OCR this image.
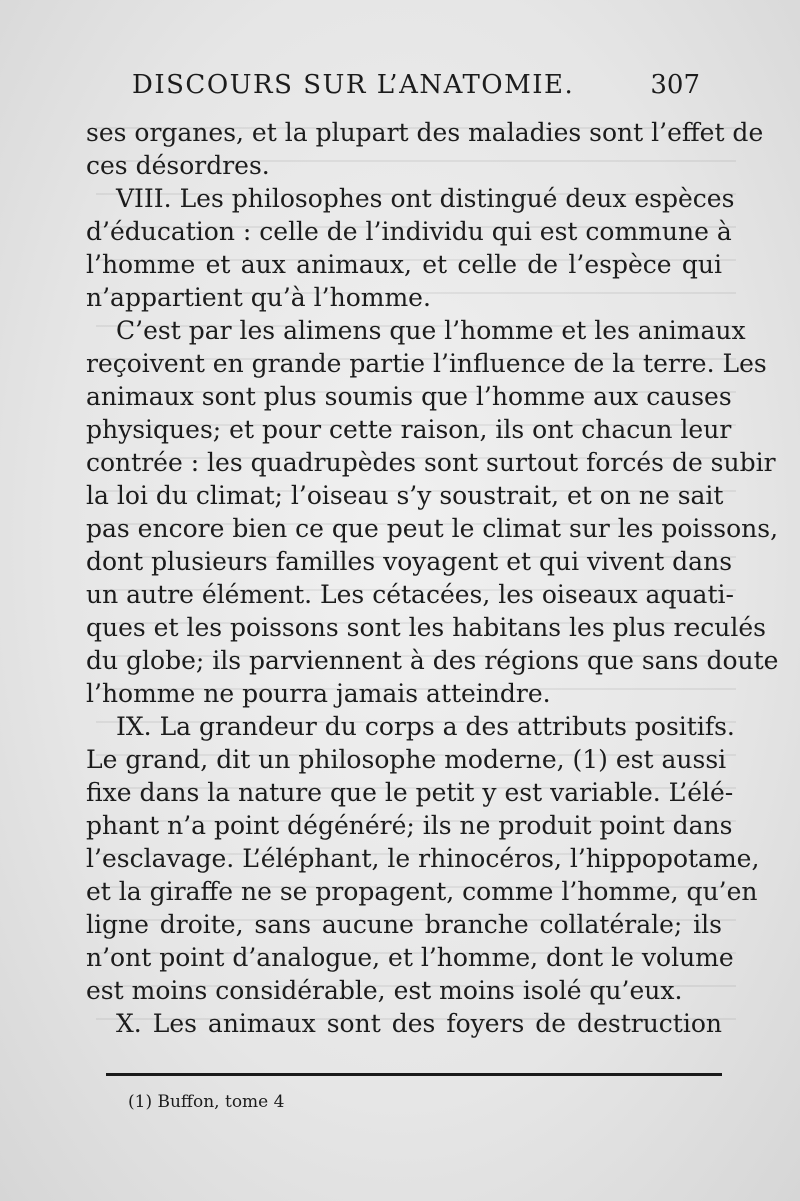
DISCOURS SUR L’ANATOMIE.	307
ses organes, et la plupart des maladies sont l’effet de
ces désordres.
VIII. Les philosophes ont distingué deux espèces
d’éducation : celle de l’individu qui est commune à
l’homme et aux animaux, et celle de l’espèce qui
n’appartient qu’à l’homme.
C’est par les alimens que l’homme et les animaux
reçoivent en grande partie l’influence de la terre. Les
animaux sont plus soumis que l’homme aux causes
physiques; et pour cette raison, ils ont chacun leur
contrée : les quadrupèdes sont surtout forcés de subir
la loi du climat; l’oiseau s’y soustrait, et on ne sait
pas encore bien ce que peut le climat sur les poissons,
dont plusieurs familles voyagent et qui vivent dans
un autre élément. Les cétacées, les oiseaux aquati-
ques et les poissons sont les habitans les plus reculés
du globe; ils parviennent à des régions que sans doute
l’homme ne pourra jamais atteindre.
IX. La grandeur du corps a des attributs positifs.
Le grand, dit un philosophe moderne, (1) est aussi
fixe dans la nature que le petit y est variable. L’élé-
phant n’a point dégénéré; ils ne produit point dans
l’esclavage. L’éléphant, le rhinocéros, l’hippopotame,
et la giraffe ne se propagent, comme l’homme, qu’en
ligne droite, sans aucune branche collatérale; ils
n’ont point d’analogue, et l’homme, dont le volume
est moins considérable, est moins isolé qu’eux.
X. Les animaux sont des foyers de destruction
(1) Buffon, tome 4
